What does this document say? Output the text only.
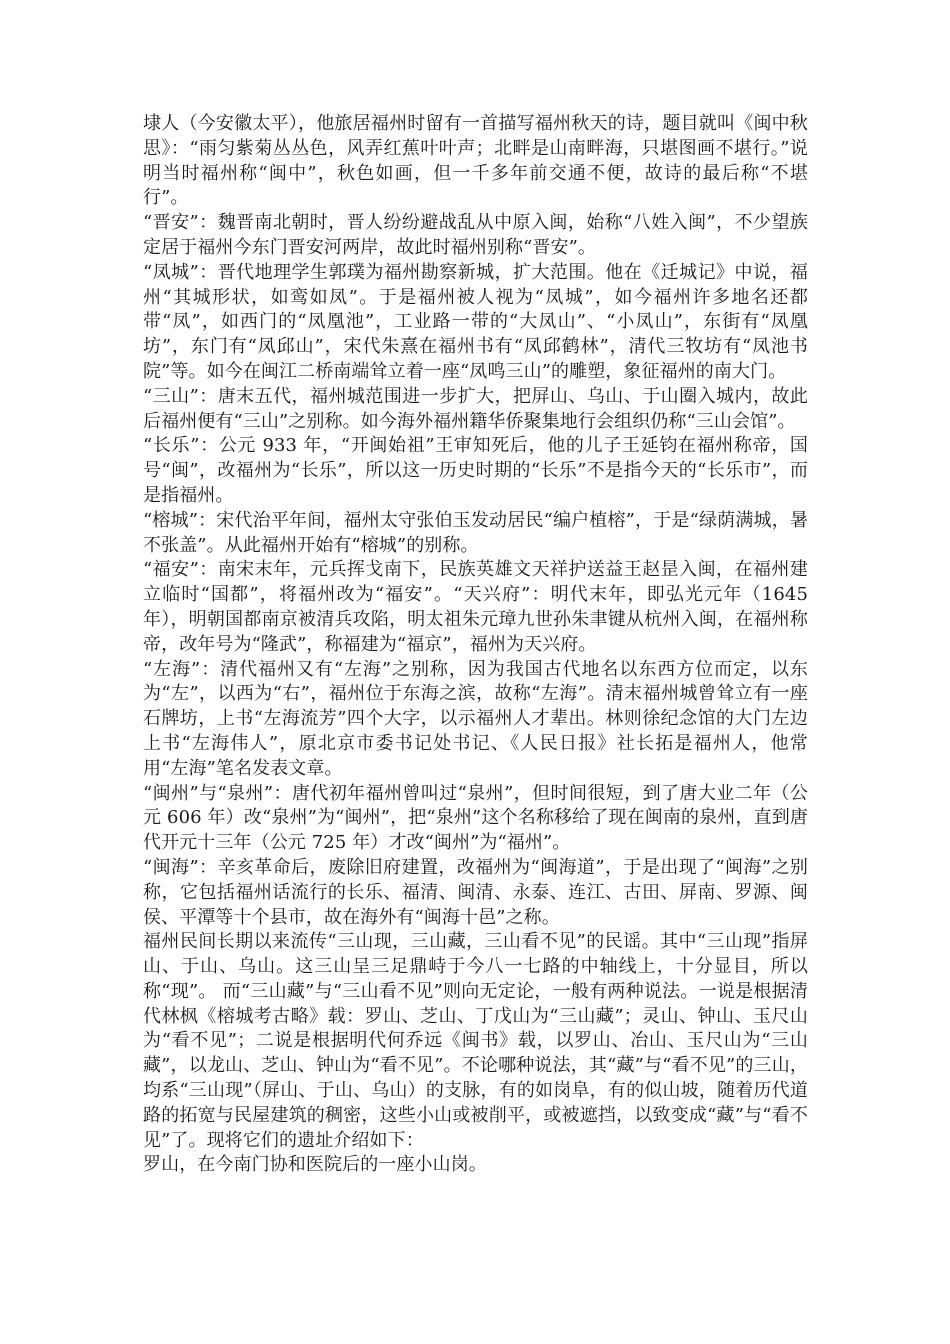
埭人（今安徽太平），他旅居福州时留有一首描写福州秋天的诗，题目就叫《闽中秋思》：“雨匀紫菊丛丛色，风弄红蕉叶叶声；北畔是山南畔海，只堪图画不堪行。”说明当时福州称“闽中”，秋色如画，但一千多年前交通不便，故诗的最后称“不堪行”。

“晋安”：魏晋南北朝时，晋人纷纷避战乱从中原入闽，始称“八姓入闽”，不少望族定居于福州今东门晋安河两岸，故此时福州别称“晋安”。

“凤城”：晋代地理学生郭璞为福州勘察新城，扩大范围。他在《迁城记》中说，福州“其城形状，如鸾如凤”。于是福州被人视为“凤城”，如今福州许多地名还都带“凤”，如西门的“凤凰池”，工业路一带的“大凤山”、“小凤山”，东街有“凤凰坊”，东门有“凤邱山”，宋代朱熹在福州书有“凤邱鹤林”，清代三牧坊有“凤池书院”等。如今在闽江二桥南端耸立着一座“凤鸣三山”的雕塑，象征福州的南大门。

“三山”：唐末五代，福州城范围进一步扩大，把屏山、乌山、于山圈入城内，故此后福州便有“三山”之别称。如今海外福州籍华侨聚集地行会组织仍称“三山会馆”。

“长乐”：公元 933 年，“开闽始祖”王审知死后，他的儿子王延钧在福州称帝，国号“闽”，改福州为“长乐”，所以这一历史时期的“长乐”不是指今天的“长乐市”，而是指福州。

“榕城”：宋代治平年间，福州太守张伯玉发动居民“编户植榕”，于是“绿荫满城，暑不张盖”。从此福州开始有“榕城”的别称。

“福安”：南宋末年，元兵挥戈南下，民族英雄文天祥护送益王赵昰入闽，在福州建立临时“国都”，将福州改为“福安”。“天兴府”：明代末年，即弘光元年（1645 年），明朝国都南京被清兵攻陷，明太祖朱元璋九世孙朱聿键从杭州入闽，在福州称帝，改年号为“隆武”，称福建为“福京”，福州为天兴府。

“左海”：清代福州又有“左海”之别称，因为我国古代地名以东西方位而定，以东为“左”，以西为“右”，福州位于东海之滨，故称“左海”。清末福州城曾耸立有一座石牌坊，上书“左海流芳”四个大字，以示福州人才辈出。林则徐纪念馆的大门左边上书“左海伟人”，原北京市委书记处书记、《人民日报》社长拓是福州人，他常用“左海”笔名发表文章。

“闽州”与“泉州”：唐代初年福州曾叫过“泉州”，但时间很短，到了唐大业二年（公元 606 年）改“泉州”为“闽州”，把“泉州”这个名称移给了现在闽南的泉州，直到唐代开元十三年（公元 725 年）才改“闽州”为“福州”。

“闽海”：辛亥革命后，废除旧府建置，改福州为“闽海道”，于是出现了“闽海”之别称，它包括福州话流行的长乐、福清、闽清、永泰、连江、古田、屏南、罗源、闽侯、平潭等十个县市，故在海外有“闽海十邑”之称。

福州民间长期以来流传“三山现，三山藏，三山看不见”的民谣。其中“三山现”指屏山、于山、乌山。这三山呈三足鼎峙于今八一七路的中轴线上，十分显目，所以称“现”。 而“三山藏”与“三山看不见”则向无定论，一般有两种说法。一说是根据清代林枫《榕城考古略》载：罗山、芝山、丁戊山为“三山藏”；灵山、钟山、玉尺山为“看不见”；二说是根据明代何乔远《闽书》载，以罗山、冶山、玉尺山为“三山藏”，以龙山、芝山、钟山为“看不见”。不论哪种说法，其“藏”与“看不见”的三山，均系“三山现”（屏山、于山、乌山）的支脉，有的如岗阜，有的似山坡，随着历代道路的拓宽与民屋建筑的稠密，这些小山或被削平，或被遮挡，以致变成“藏”与“看不见”了。现将它们的遗址介绍如下：

罗山，在今南门协和医院后的一座小山岗。
